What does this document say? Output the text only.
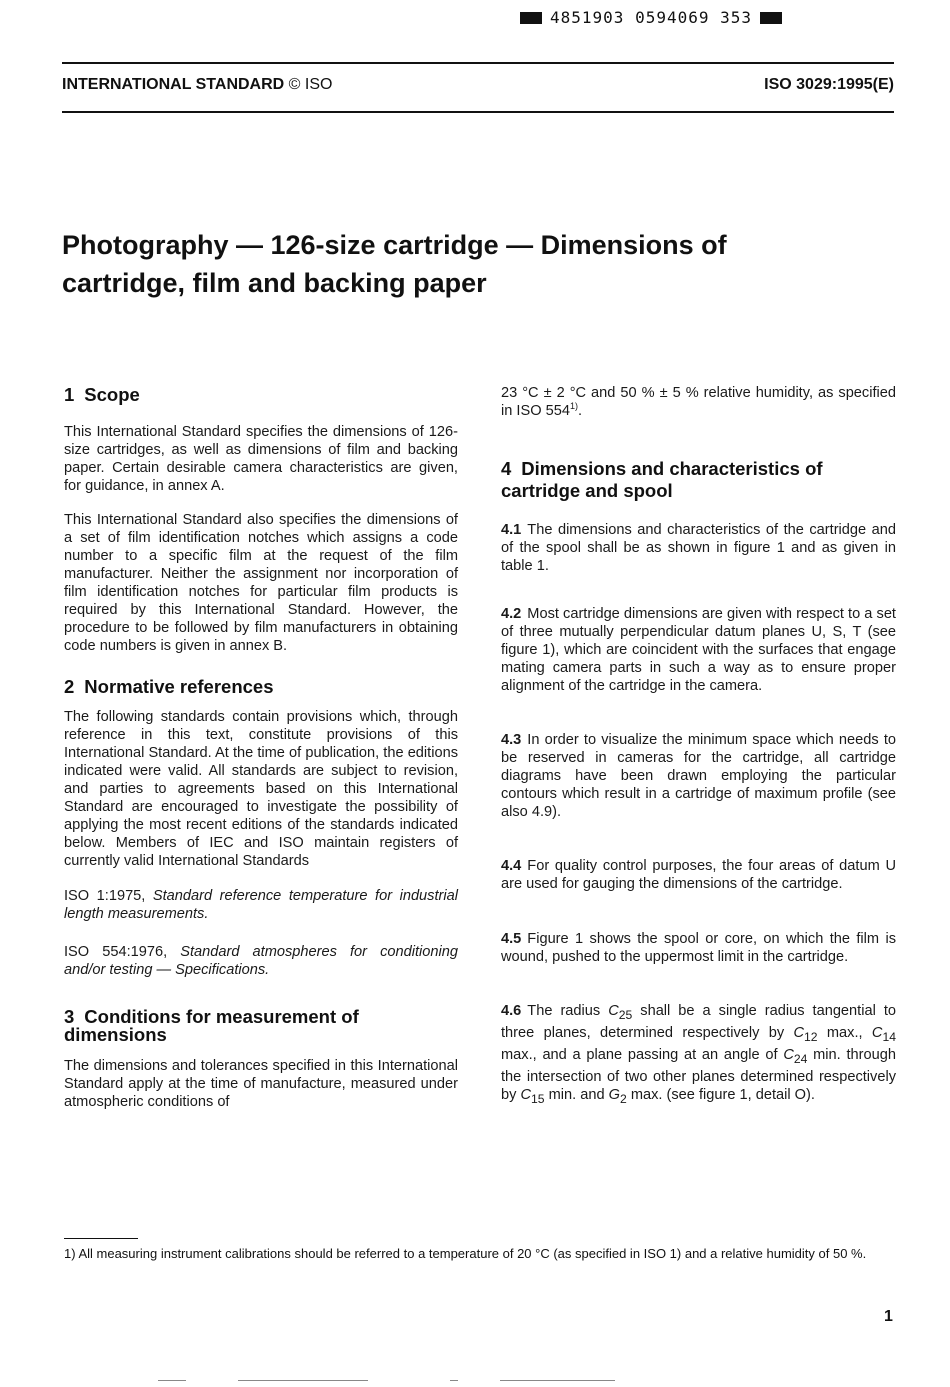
4851903 0594069 353
INTERNATIONAL STANDARD © ISO	ISO 3029:1995(E)
Photography — 126-size cartridge — Dimensions of
cartridge, film and backing paper
1 Scope

This International Standard specifies the dimensions of 126-size cartridges, as well as dimensions of film and backing paper. Certain desirable camera characteristics are given, for guidance, in annex A.

This International Standard also specifies the dimensions of a set of film identification notches which assigns a code number to a specific film at the request of the film manufacturer. Neither the assignment nor incorporation of film identification notches for particular film products is required by this International Standard. However, the procedure to be followed by film manufacturers in obtaining code numbers is given in annex B.

2 Normative references

The following standards contain provisions which, through reference in this text, constitute provisions of this International Standard. At the time of publication, the editions indicated were valid. All standards are subject to revision, and parties to agreements based on this International Standard are encouraged to investigate the possibility of applying the most recent editions of the standards indicated below. Members of IEC and ISO maintain registers of currently valid International Standards

ISO 1:1975, Standard reference temperature for industrial length measurements.

ISO 554:1976, Standard atmospheres for conditioning and/or testing — Specifications.

3 Conditions for measurement of dimensions

The dimensions and tolerances specified in this International Standard apply at the time of manufacture, measured under atmospheric conditions of

23 °C ± 2 °C and 50 % ± 5 % relative humidity, as specified in ISO 554$^{1)}$.

4 Dimensions and characteristics of cartridge and spool

4.1 The dimensions and characteristics of the cartridge and of the spool shall be as shown in figure 1 and as given in table 1.

4.2 Most cartridge dimensions are given with respect to a set of three mutually perpendicular datum planes U, S, T (see figure 1), which are coincident with the surfaces that engage mating camera parts in such a way as to ensure proper alignment of the cartridge in the camera.

4.3 In order to visualize the minimum space which needs to be reserved in cameras for the cartridge, all cartridge diagrams have been drawn employing the particular contours which result in a cartridge of maximum profile (see also 4.9).

4.4 For quality control purposes, the four areas of datum U are used for gauging the dimensions of the cartridge.

4.5 Figure 1 shows the spool or core, on which the film is wound, pushed to the uppermost limit in the cartridge.

4.6 The radius $C_{25}$ shall be a single radius tangential to three planes, determined respectively by $C_{12}$ max., $C_{14}$ max., and a plane passing at an angle of $C_{24}$ min. through the intersection of two other planes determined respectively by $C_{15}$ min. and $G_2$ max. (see figure 1, detail O).

1) All measuring instrument calibrations should be referred to a temperature of 20 °C (as specified in ISO 1) and a relative humidity of 50 %.

1
